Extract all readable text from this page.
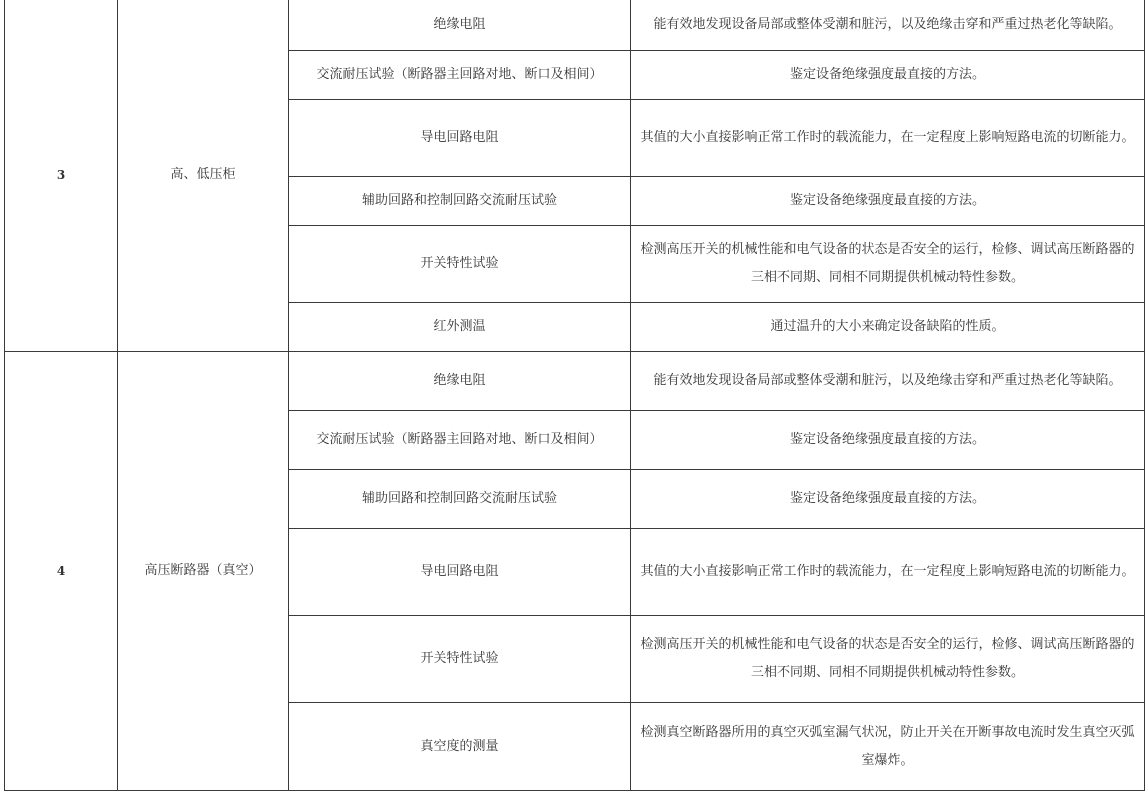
3	高、低压柜	绝缘电阻	能有效地发现设备局部或整体受潮和脏污，以及绝缘击穿和严重过热老化等缺陷。
		交流耐压试验（断路器主回路对地、断口及相间）	鉴定设备绝缘强度最直接的方法。
		导电回路电阻	其值的大小直接影响正常工作时的载流能力，在一定程度上影响短路电流的切断能力。
		辅助回路和控制回路交流耐压试验	鉴定设备绝缘强度最直接的方法。
		开关特性试验	检测高压开关的机械性能和电气设备的状态是否安全的运行，检修、调试高压断路器的三相不同期、同相不同期提供机械动特性参数。
		红外测温	通过温升的大小来确定设备缺陷的性质。
4	高压断路器（真空）	绝缘电阻	能有效地发现设备局部或整体受潮和脏污，以及绝缘击穿和严重过热老化等缺陷。
		交流耐压试验（断路器主回路对地、断口及相间）	鉴定设备绝缘强度最直接的方法。
		辅助回路和控制回路交流耐压试验	鉴定设备绝缘强度最直接的方法。
		导电回路电阻	其值的大小直接影响正常工作时的载流能力，在一定程度上影响短路电流的切断能力。
		开关特性试验	检测高压开关的机械性能和电气设备的状态是否安全的运行，检修、调试高压断路器的三相不同期、同相不同期提供机械动特性参数。
		真空度的测量	检测真空断路器所用的真空灭弧室漏气状况，防止开关在开断事故电流时发生真空灭弧室爆炸。
